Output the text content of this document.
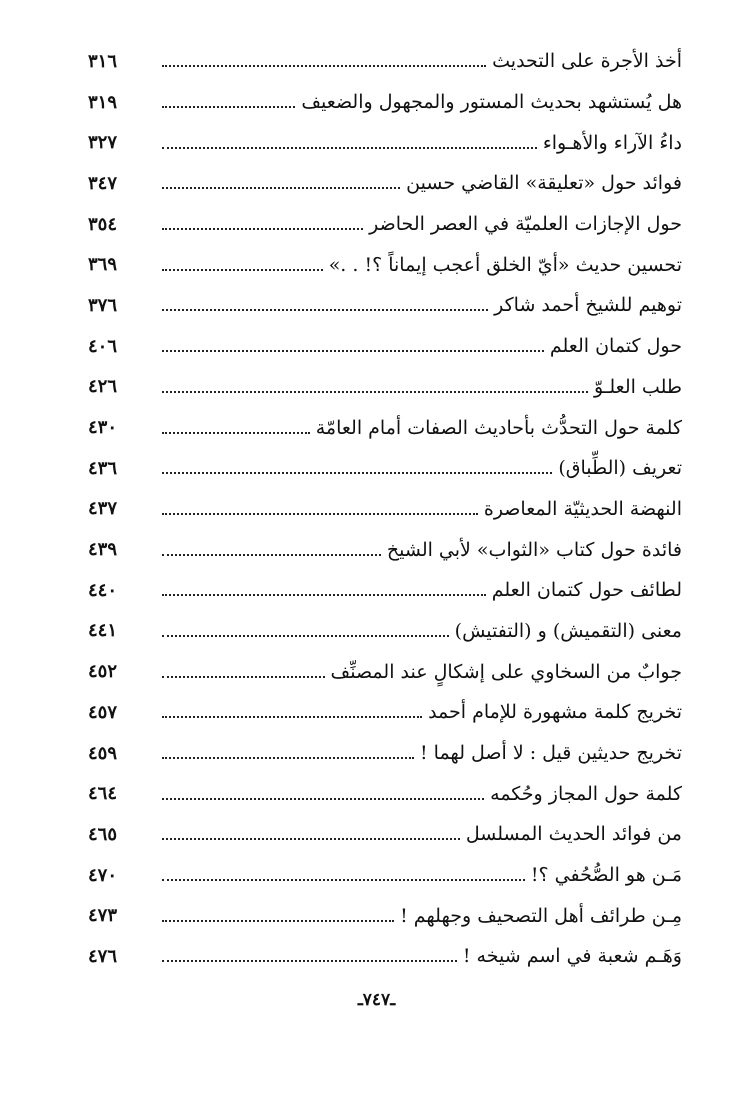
أخذ الأجرة على التحديث
٣١٦
هل يُستشهد بحديث المستور والمجهول والضعيف
٣١٩
داءُ الآراء والأهـواء
٣٢٧
فوائد حول «تعليقة» القاضي حسين
٣٤٧
حول الإجازات العلميّة في العصر الحاضر
٣٥٤
تحسين حديث «أيّ الخلق أعجب إيماناً ؟! . .»
٣٦٩
توهيم للشيخ أحمد شاكر
٣٧٦
حول كتمان العلم
٤٠٦
طلب العلـوّ
٤٢٦
كلمة حول التحدُّث بأحاديث الصفات أمام العامّة
٤٣٠
تعريف (الطِّباق)
٤٣٦
النهضة الحديثيّة المعاصرة
٤٣٧
فائدة حول كتاب «الثواب» لأبي الشيخ
٤٣٩
لطائف حول كتمان العلم
٤٤٠
معنى (التقميش) و (التفتيش)
٤٤١
جوابٌ من السخاوي على إشكالٍ عند المصنِّف
٤٥٢
تخريج كلمة مشهورة للإمام أحمد
٤٥٧
تخريج حديثين قيل : لا أصل لهما !
٤٥٩
كلمة حول المجاز وحُكمه
٤٦٤
من فوائد الحديث المسلسل
٤٦٥
مَـن هو الصُّحُفي ؟!
٤٧٠
مِـن طرائف أهل التصحيف وجهلهم !
٤٧٣
وَهَـم شعبة في اسم شيخه !
٤٧٦
ـ٧٤٧ـ
